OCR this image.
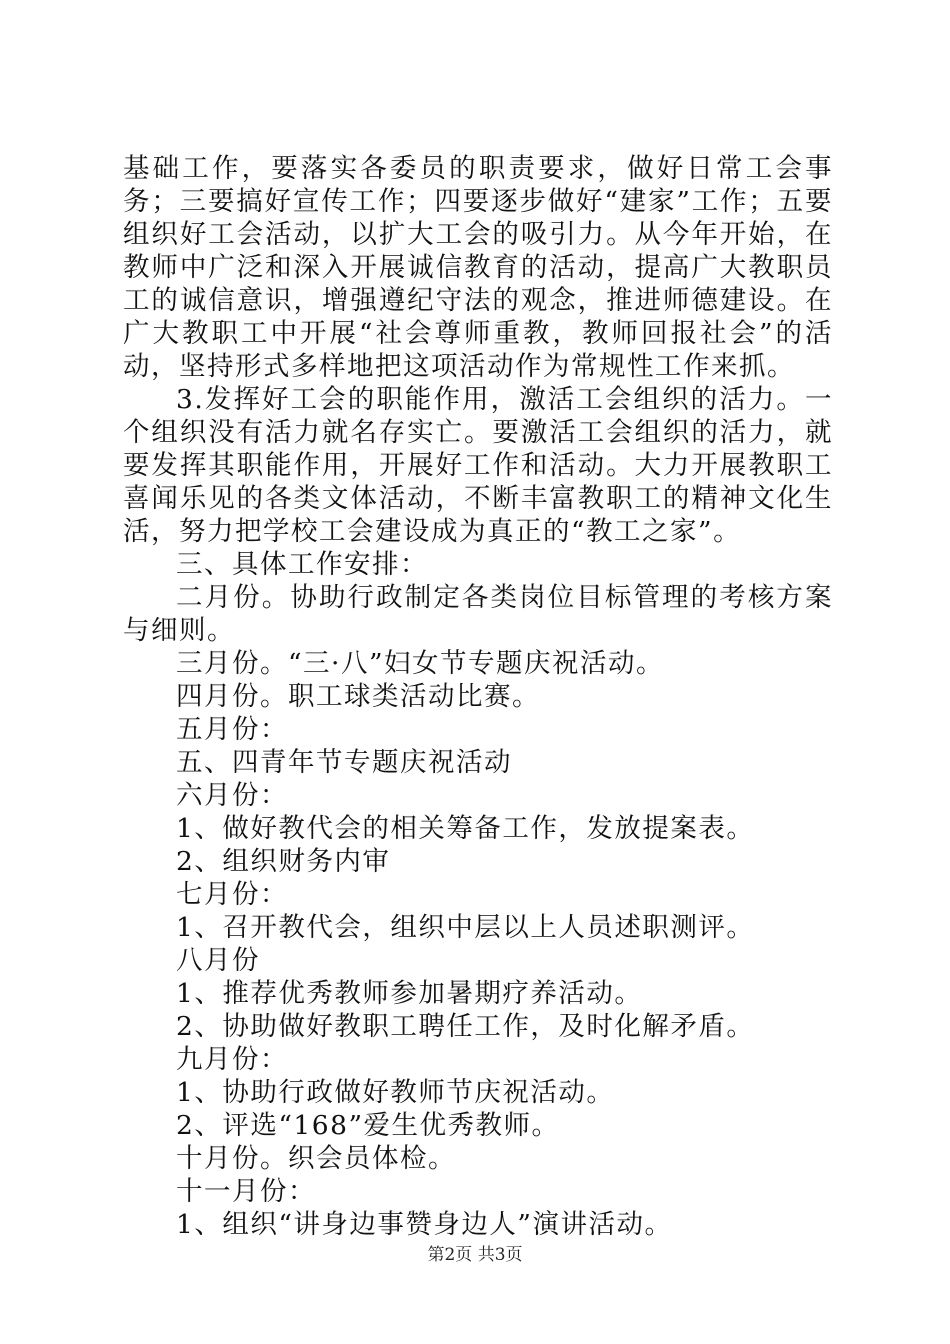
基础工作，要落实各委员的职责要求，做好日常工会事务；三要搞好宣传工作；四要逐步做好“建家”工作；五要组织好工会活动，以扩大工会的吸引力。从今年开始，在教师中广泛和深入开展诚信教育的活动，提高广大教职员工的诚信意识，增强遵纪守法的观念，推进师德建设。在广大教职工中开展“社会尊师重教，教师回报社会”的活动，坚持形式多样地把这项活动作为常规性工作来抓。

3.发挥好工会的职能作用，激活工会组织的活力。一个组织没有活力就名存实亡。要激活工会组织的活力，就要发挥其职能作用，开展好工作和活动。大力开展教职工喜闻乐见的各类文体活动，不断丰富教职工的精神文化生活，努力把学校工会建设成为真正的“教工之家”。

三、具体工作安排：

二月份。协助行政制定各类岗位目标管理的考核方案与细则。

三月份。“三·八”妇女节专题庆祝活动。

四月份。职工球类活动比赛。

五月份：

五、四青年节专题庆祝活动

六月份：

1、做好教代会的相关筹备工作，发放提案表。

2、组织财务内审

七月份：

1、召开教代会，组织中层以上人员述职测评。

八月份

1、推荐优秀教师参加暑期疗养活动。

2、协助做好教职工聘任工作，及时化解矛盾。

九月份：

1、协助行政做好教师节庆祝活动。

2、评选“168”爱生优秀教师。

十月份。织会员体检。

十一月份：

1、组织“讲身边事赞身边人”演讲活动。

第2页 共3页
